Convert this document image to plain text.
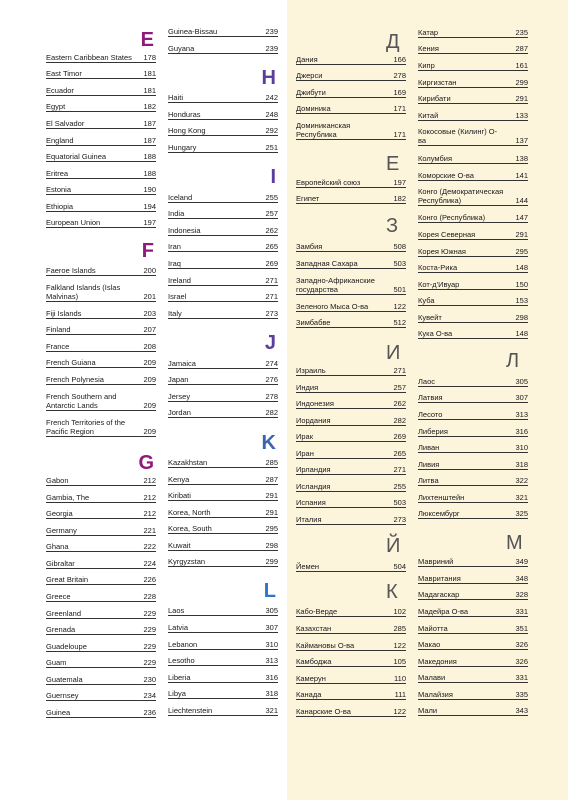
E
Eastern Caribbean States	178
East Timor	181
Ecuador	181
Egypt	182
El Salvador	187
England	187
Equatorial Guinea	188
Eritrea	188
Estonia	190
Ethiopia	194
European Union	197
F
Faeroe Islands	200
Falkland Islands (Islas Malvinas)	201
Fiji Islands	203
Finland	207
France	208
French Guiana	209
French Polynesia	209
French Southern and Antarctic Lands	209
French Territories of the Pacific Region	209
G
Gabon	212
Gambia, The	212
Georgia	212
Germany	221
Ghana	222
Gibraltar	224
Great Britain	226
Greece	228
Greenland	229
Grenada	229
Guadeloupe	229
Guam	229
Guatemala	230
Guernsey	234
Guinea	236
Guinea-Bissau	239
Guyana	239
H
Haiti	242
Honduras	248
Hong Kong	292
Hungary	251
I
Iceland	255
India	257
Indonesia	262
Iran	265
Iraq	269
Ireland	271
Israel	271
Italy	273
J
Jamaica	274
Japan	276
Jersey	278
Jordan	282
K
Kazakhstan	285
Kenya	287
Kiribati	291
Korea, North	291
Korea, South	295
Kuwait	298
Kyrgyzstan	299
L
Laos	305
Latvia	307
Lebanon	310
Lesotho	313
Liberia	316
Libya	318
Liechtenstein	321
Д
Дания	166
Джерси	278
Джибути	169
Доминика	171
Доминиканская Республика	171
Е
Европейский союз	197
Египет	182
З
Замбия	508
Западная Сахара	503
Западно-Африканские государства	501
Зеленого Мыса О-ва	122
Зимбабве	512
И
Израиль	271
Индия	257
Индонезия	262
Иордания	282
Ирак	269
Иран	265
Ирландия	271
Исландия	255
Испания	503
Италия	273
Й
Йемен	504
К
Кабо-Верде	102
Казахстан	285
Каймановы О-ва	122
Камбоджа	105
Камерун	110
Канада	111
Канарские О-ва	122
Катар	235
Кения	287
Кипр	161
Киргизстан	299
Кирибати	291
Китай	133
Кокосовые (Килинг) О-ва	137
Колумбия	138
Коморские О-ва	141
Конго (Демократическая Республика)	144
Конго (Республика)	147
Корея Северная	291
Корея Южная	295
Коста-Рика	148
Кот-д'Ивуар	150
Куба	153
Кувейт	298
Кука О-ва	148
Л
Лаос	305
Латвия	307
Лесото	313
Либерия	316
Ливан	310
Ливия	318
Литва	322
Лихтенштейн	321
Люксембург	325
М
Мавриний	349
Мавритания	348
Мадагаскар	328
Мадейра О-ва	331
Майотта	351
Макао	326
Македония	326
Малави	331
Малайзия	335
Мали	343
